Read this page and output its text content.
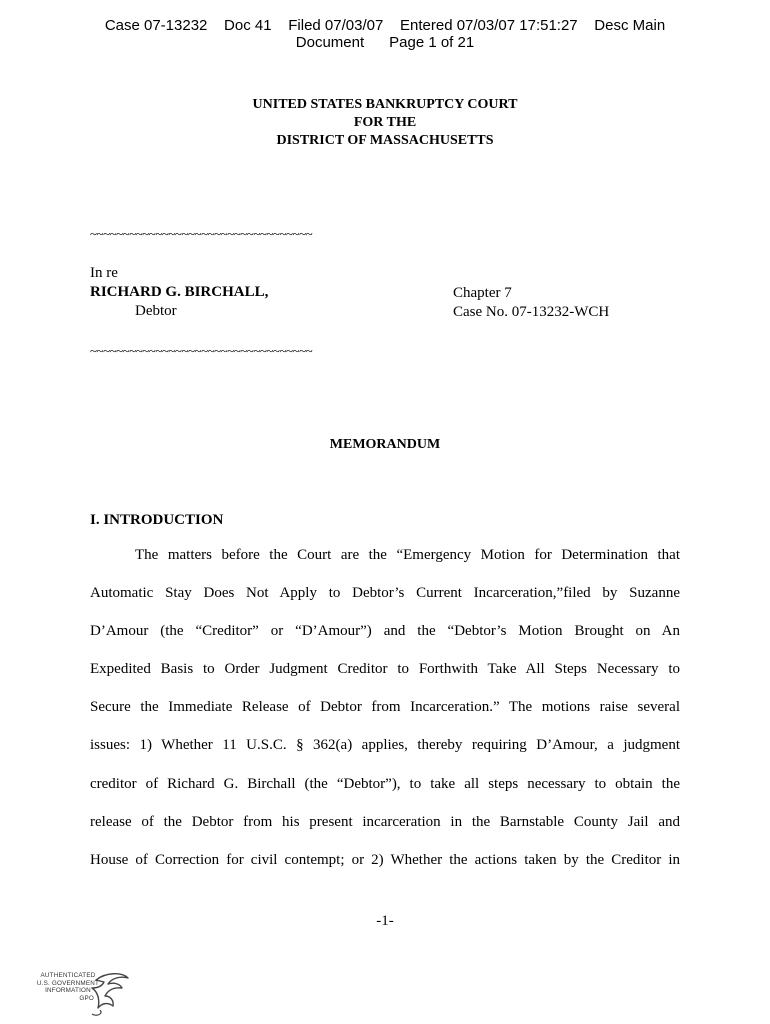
Case 07-13232    Doc 41    Filed 07/03/07    Entered 07/03/07 17:51:27    Desc Main
Document      Page 1 of 21
UNITED STATES BANKRUPTCY COURT
FOR THE
DISTRICT OF MASSACHUSETTS
~~~~~~~~~~~~~~~~~~~~~~~~~~~~~~~~~~
In re
RICHARD G. BIRCHALL,
Debtor
Chapter 7
Case No. 07-13232-WCH
~~~~~~~~~~~~~~~~~~~~~~~~~~~~~~~~~~
MEMORANDUM
I. INTRODUCTION
The matters before the Court are the “Emergency Motion for Determination that
Automatic Stay Does Not Apply to Debtor’s Current Incarceration,”filed by Suzanne
D’Amour (the “Creditor” or “D’Amour”) and the “Debtor’s Motion Brought on An
Expedited Basis to Order Judgment Creditor to Forthwith Take All Steps Necessary to
Secure the Immediate Release of Debtor from Incarceration.” The motions raise several
issues: 1) Whether 11 U.S.C. § 362(a) applies, thereby requiring D’Amour, a judgment
creditor of Richard G. Birchall (the “Debtor”), to take all steps necessary to obtain the
release of the Debtor from his present incarceration in the Barnstable County Jail and
House of Correction for civil contempt; or 2) Whether the actions taken by the Creditor in
-1-
AUTHENTICATED
U.S. GOVERNMENT
INFORMATION
GPO
